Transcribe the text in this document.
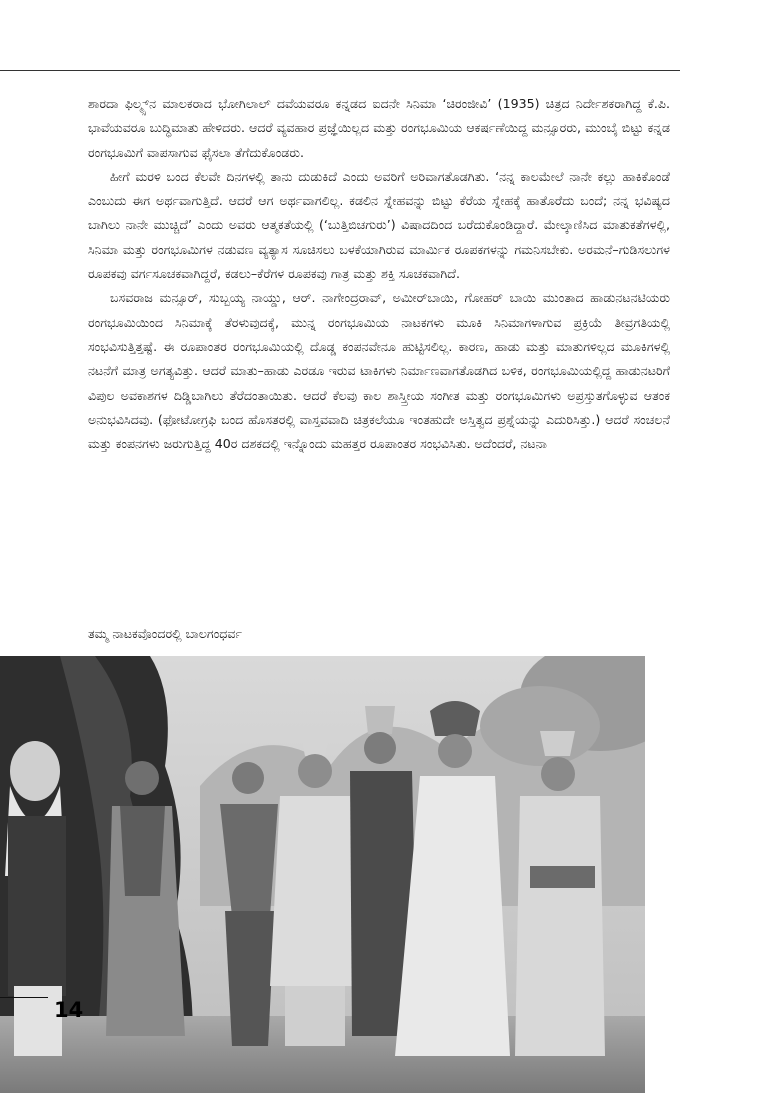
ಶಾರದಾ ಫಿಲ್ಮ್ಸ್‌ನ ಮಾಲಕರಾದ ಭೋಗಿಲಾಲ್ ದವೆಯವರೂ ಕನ್ನಡದ ಐದನೇ ಸಿನಿಮಾ ‘ಚಿರಂಜೀವಿ’ (1935) ಚಿತ್ರದ ನಿರ್ದೇಶಕರಾಗಿದ್ದ ಕೆ.ಪಿ. ಭಾವೆಯವರೂ ಬುದ್ಧಿಮಾತು ಹೇಳಿದರು. ಆದರೆ ವ್ಯವಹಾರ ಪ್ರಜ್ಞೆಯಿಲ್ಲದ ಮತ್ತು ರಂಗಭೂಮಿಯ ಆಕರ್ಷಣೆಯಿದ್ದ ಮನ್ಸೂರರು, ಮುಂಬೈ ಬಿಟ್ಟು ಕನ್ನಡ ರಂಗಭೂಮಿಗೆ ವಾಪಸಾಗುವ ಫೈಸಲಾ ತೆಗೆದುಕೊಂಡರು.

ಹೀಗೆ ಮರಳಿ ಬಂದ ಕೆಲವೇ ದಿನಗಳಲ್ಲಿ ತಾನು ದುಡುಕಿದೆ ಎಂದು ಅವರಿಗೆ ಅರಿವಾಗತೊಡಗಿತು. ‘ನನ್ನ ಕಾಲಮೇಲೆ ನಾನೇ ಕಲ್ಲು ಹಾಕಿಕೊಂಡೆ ಎಂಬುದು ಈಗ ಅರ್ಥವಾಗುತ್ತಿದೆ. ಆದರೆ ಆಗ ಅರ್ಥವಾಗಲಿಲ್ಲ. ಕಡಲಿನ ಸ್ನೇಹವನ್ನು ಬಿಟ್ಟು ಕೆರೆಯ ಸ್ನೇಹಕ್ಕೆ ಹಾತೊರೆದು ಬಂದೆ; ನನ್ನ ಭವಿಷ್ಯದ ಬಾಗಿಲು ನಾನೇ ಮುಚ್ಚಿದೆ’ ಎಂದು ಅವರು ಆತ್ಮಕತೆಯಲ್ಲಿ (‘ಬುತ್ತಿಬಿಚಗುರು’) ವಿಷಾದದಿಂದ ಬರೆದುಕೊಂಡಿದ್ದಾರೆ. ಮೇಲ್ಕಾಣಿಸಿದ ಮಾತುಕತೆಗಳಲ್ಲಿ, ಸಿನಿಮಾ ಮತ್ತು ರಂಗಭೂಮಿಗಳ ನಡುವಣ ವ್ಯತ್ಯಾಸ ಸೂಚಿಸಲು ಬಳಕೆಯಾಗಿರುವ ಮಾರ್ಮಿಕ ರೂಪಕಗಳನ್ನು ಗಮನಿಸಬೇಕು. ಅರಮನೆ–ಗುಡಿಸಲುಗಳ ರೂಪಕವು ವರ್ಗಸೂಚಕವಾಗಿದ್ದರೆ, ಕಡಲು–ಕೆರೆಗಳ ರೂಪಕವು ಗಾತ್ರ ಮತ್ತು ಶಕ್ತಿ ಸೂಚಕವಾಗಿದೆ.

ಬಸವರಾಜ ಮನ್ಸೂರ್, ಸುಬ್ಬಯ್ಯ ನಾಯ್ಡು, ಆರ್. ನಾಗೇಂದ್ರರಾವ್, ಅಮೀರ್‌ಬಾಯಿ, ಗೋಹರ್ ಬಾಯಿ ಮುಂತಾದ ಹಾಡುನಟನಟಿಯರು ರಂಗಭೂಮಿಯಿಂದ ಸಿನಿಮಾಕ್ಕೆ ತೆರಳುವುದಕ್ಕೆ, ಮುನ್ನ ರಂಗಭೂಮಿಯ ನಾಟಕಗಳು ಮೂಕಿ ಸಿನಿಮಾಗಳಾಗುವ ಪ್ರಕ್ರಿಯೆ ತೀವ್ರಗತಿಯಲ್ಲಿ ಸಂಭವಿಸುತ್ತಿತ್ತಷ್ಟೆ. ಈ ರೂಪಾಂತರ ರಂಗಭೂಮಿಯಲ್ಲಿ ದೊಡ್ಡ ಕಂಪನವೇನೂ ಹುಟ್ಟಿಸಲಿಲ್ಲ. ಕಾರಣ, ಹಾಡು ಮತ್ತು ಮಾತುಗಳಿಲ್ಲದ ಮೂಕಿಗಳಲ್ಲಿ ನಟನೆಗೆ ಮಾತ್ರ ಅಗತ್ಯವಿತ್ತು. ಆದರೆ ಮಾತು–ಹಾಡು ಎರಡೂ ಇರುವ ಟಾಕಿಗಳು ನಿರ್ಮಾಣವಾಗತೊಡಗಿದ ಬಳಿಕ, ರಂಗಭೂಮಿಯಲ್ಲಿದ್ದ ಹಾಡುನಟರಿಗೆ ವಿಪುಲ ಅವಕಾಶಗಳ ದಿಡ್ಡಿಬಾಗಿಲು ತೆರೆದಂತಾಯಿತು. ಆದರೆ ಕೆಲವು ಕಾಲ ಶಾಸ್ತ್ರೀಯ ಸಂಗೀತ ಮತ್ತು ರಂಗಭೂಮಿಗಳು ಅಪ್ರಸ್ತುತಗೊಳ್ಳುವ ಆತಂಕ ಅನುಭವಿಸಿದವು. (ಫೋಟೋಗ್ರಫಿ ಬಂದ ಹೊಸತರಲ್ಲಿ ವಾಸ್ತವವಾದಿ ಚಿತ್ರಕಲೆಯೂ ಇಂತಹುದೇ ಅಸ್ತಿತ್ವದ ಪ್ರಶ್ನೆಯನ್ನು ಎದುರಿಸಿತ್ತು.) ಆದರೆ ಸಂಚಲನೆ ಮತ್ತು ಕಂಪನಗಳು ಜರುಗುತ್ತಿದ್ದ 40ರ ದಶಕದಲ್ಲಿ ಇನ್ನೊಂದು ಮಹತ್ತರ ರೂಪಾಂತರ ಸಂಭವಿಸಿತು. ಅದೆಂದರೆ, ನಟನಾ

ತಮ್ಮ ನಾಟಕವೊಂದರಲ್ಲಿ ಬಾಲಗಂಧರ್ವ
14
